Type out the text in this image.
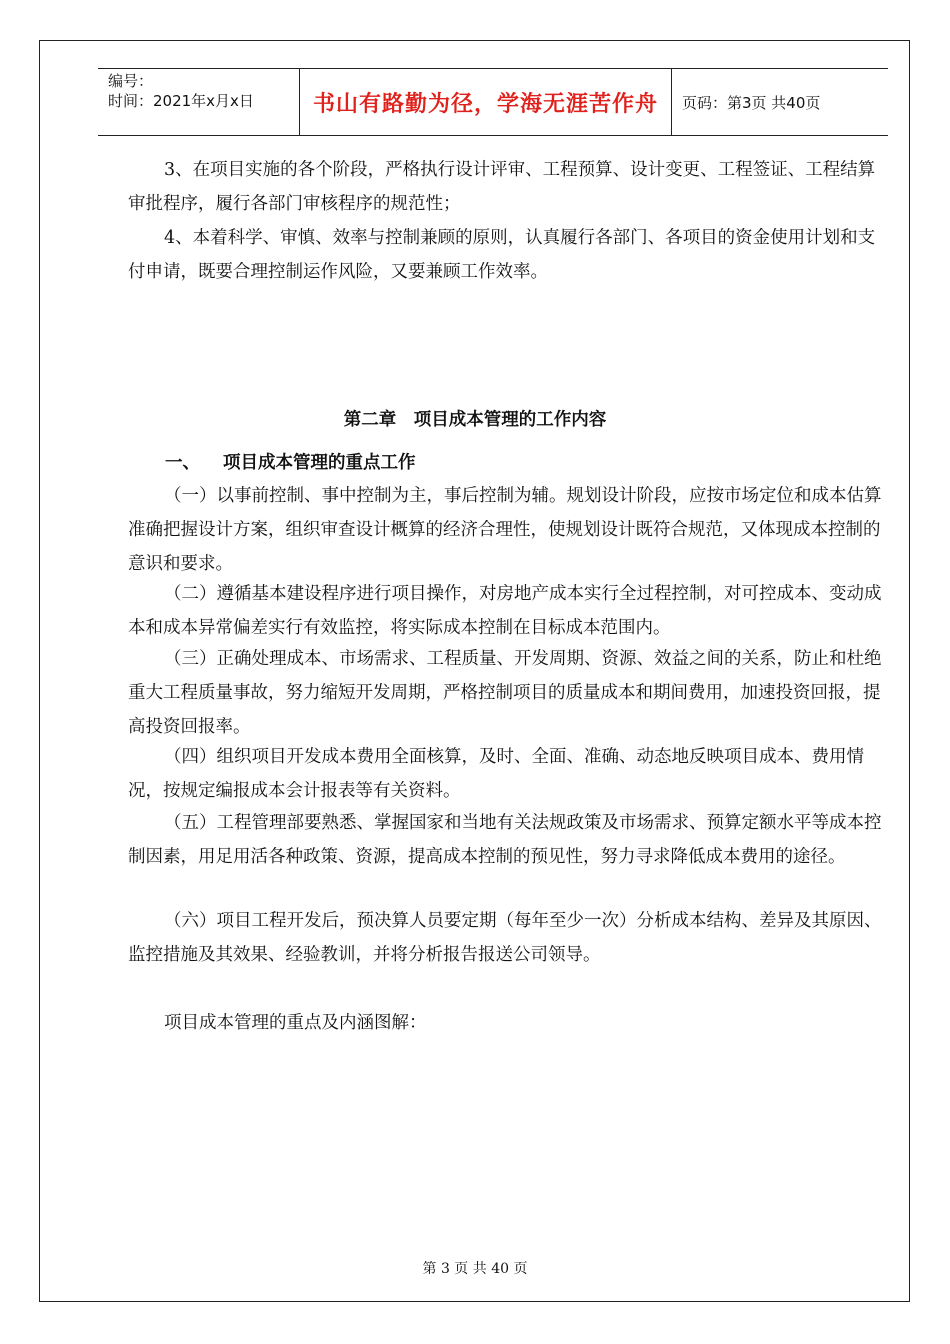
编号：
时间：2021年x月x日	书山有路勤为径，学海无涯苦作舟 页码：第3页 共40页

3、在项目实施的各个阶段，严格执行设计评审、工程预算、设计变更、工程签证、工程结算审批程序，履行各部门审核程序的规范性；

4、本着科学、审慎、效率与控制兼顾的原则，认真履行各部门、各项目的资金使用计划和支付申请，既要合理控制运作风险，又要兼顾工作效率。

第二章　项目成本管理的工作内容
一、 项目成本管理的重点工作

（一）以事前控制、事中控制为主，事后控制为辅。规划设计阶段，应按市场定位和成本估算准确把握设计方案，组织审查设计概算的经济合理性，使规划设计既符合规范，又体现成本控制的意识和要求。

（二）遵循基本建设程序进行项目操作，对房地产成本实行全过程控制，对可控成本、变动成本和成本异常偏差实行有效监控，将实际成本控制在目标成本范围内。

（三）正确处理成本、市场需求、工程质量、开发周期、资源、效益之间的关系，防止和杜绝重大工程质量事故，努力缩短开发周期，严格控制项目的质量成本和期间费用，加速投资回报，提高投资回报率。

（四）组织项目开发成本费用全面核算，及时、全面、准确、动态地反映项目成本、费用情况，按规定编报成本会计报表等有关资料。

（五）工程管理部要熟悉、掌握国家和当地有关法规政策及市场需求、预算定额水平等成本控制因素，用足用活各种政策、资源，提高成本控制的预见性，努力寻求降低成本费用的途径。

（六）项目工程开发后，预决算人员要定期（每年至少一次）分析成本结构、差异及其原因、监控措施及其效果、经验教训，并将分析报告报送公司领导。

项目成本管理的重点及内涵图解：

第 3 页 共 40 页
